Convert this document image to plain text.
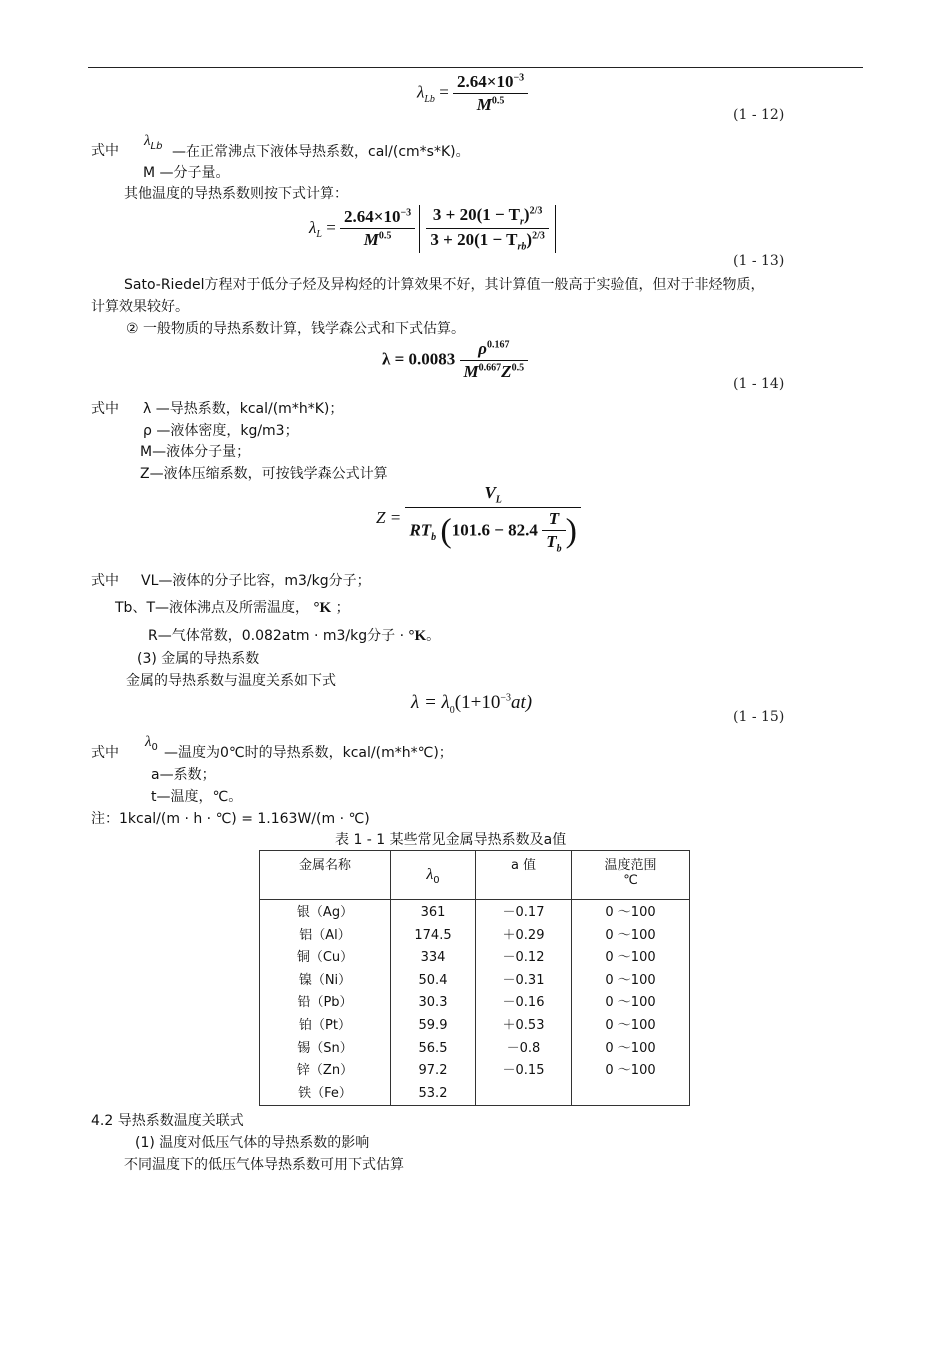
$\lambda_{Lb} = \frac{2.64\times 10^{-3}}{M^{0.5}}$	(1 - 12)
式中
$\lambda_{Lb}$ —在正常沸点下液体导热系数，cal/(cm*s*K)。
M —分子量。
其他温度的导热系数则按下式计算：
$\lambda_L = \frac{2.64\times 10^{-3}}{M^{0.5}}$
$\frac{3 + 20(1 - T_r)^{2/3}}{3 + 20(1 - T_{rb})^{2/3}}$
(1 - 13)
Sato-Riedel方程对于低分子烃及异构烃的计算效果不好，其计算值一般高于实验值，但对于非烃物质，
计算效果较好。
② 一般物质的导热系数计算，钱学森公式和下式估算。
$\lambda = 0.0083 \frac{\rho^{0.167}}{M^{0.667}Z^{0.5}}$
(1 - 14)
式中 λ —导热系数，kcal/(m*h*K)；
ρ —液体密度，kg/m3；
M—液体分子量；
Z—液体压缩系数，可按钱学森公式计算
$Z = \frac{V_L}{RT_b (101.6 - 82.4 \frac{T}{T_b} )}$
式中 VL—液体的分子比容，m3/kg分子；
Tb、T—液体沸点及所需温度， °K ；
R—气体常数，0.082atm · m3/kg分子 · °K。
(3) 金属的导热系数
金属的导热系数与温度关系如下式
$\lambda = \lambda_0(1+10^{-3}at)$
(1 - 15)
式中
$\lambda_0$ —温度为0℃时的导热系数，kcal/(m*h*℃)；
a—系数；
t—温度，℃。
注：1kcal/(m · h · ℃) = 1.163W/(m · ℃)
表 1 - 1 某些常见金属导热系数及a值
金属名称	$\lambda_0$	a 值	温度范围
℃
银（Ag）	361	－0.17	0 ～100
铝（Al）	174.5	＋0.29	0 ～100
铜（Cu）	334	－0.12	0 ～100
镍（Ni）	50.4	－0.31	0 ～100
铅（Pb）	30.3	－0.16	0 ～100
铂（Pt）	59.9	＋0.53	0 ～100
锡（Sn）	56.5	－0.8	0 ～100
锌（Zn）	97.2	－0.15	0 ～100
铁（Fe）	53.2		
4.2 导热系数温度关联式
(1) 温度对低压气体的导热系数的影响
不同温度下的低压气体导热系数可用下式估算
